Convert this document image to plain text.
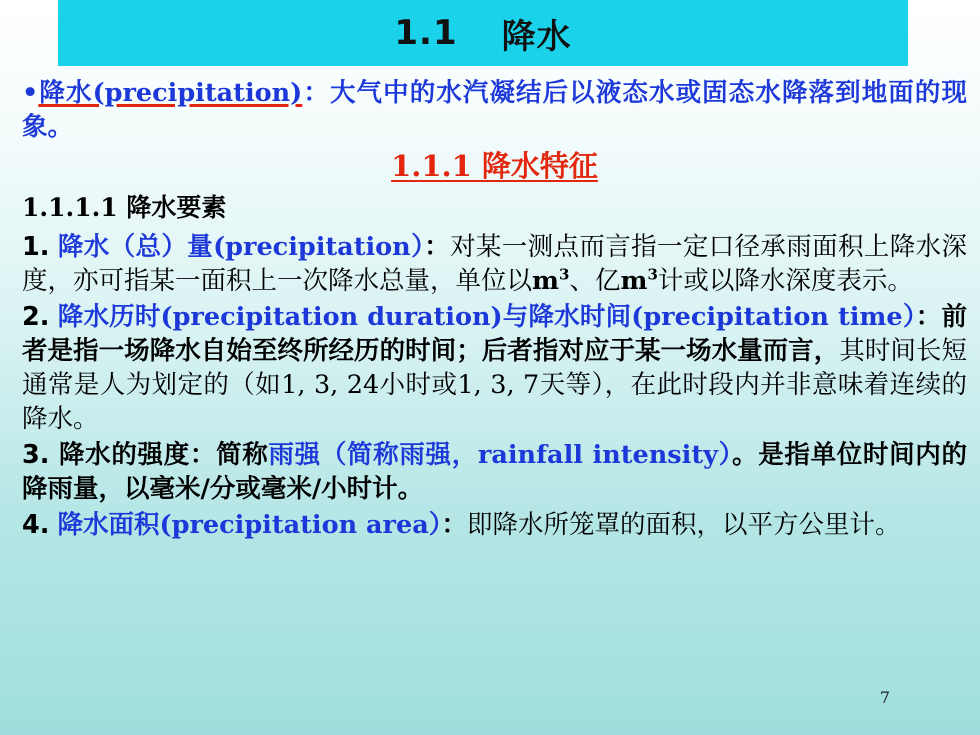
1.1 降水

•降水(precipitation)：大气中的水汽凝结后以液态水或固态水降落到地面的现象。

1.1.1 降水特征

1.1.1.1 降水要素

1. 降水（总）量(precipitation）：对某一测点而言指一定口径承雨面积上降水深度，亦可指某一面积上一次降水总量，单位以$m^3$、亿$m^3$计或以降水深度表示。

2. 降水历时(precipitation duration)与降水时间(precipitation time）：前者是指一场降水自始至终所经历的时间；后者指对应于某一场水量而言，其时间长短通常是人为划定的（如1, 3, 24小时或1, 3, 7天等），在此时段内并非意味着连续的降水。

3. 降水的强度：简称雨强（简称雨强，rainfall intensity）。是指单位时间内的降雨量，以毫米/分或毫米/小时计。

4. 降水面积(precipitation area）：即降水所笼罩的面积，以平方公里计。

7
